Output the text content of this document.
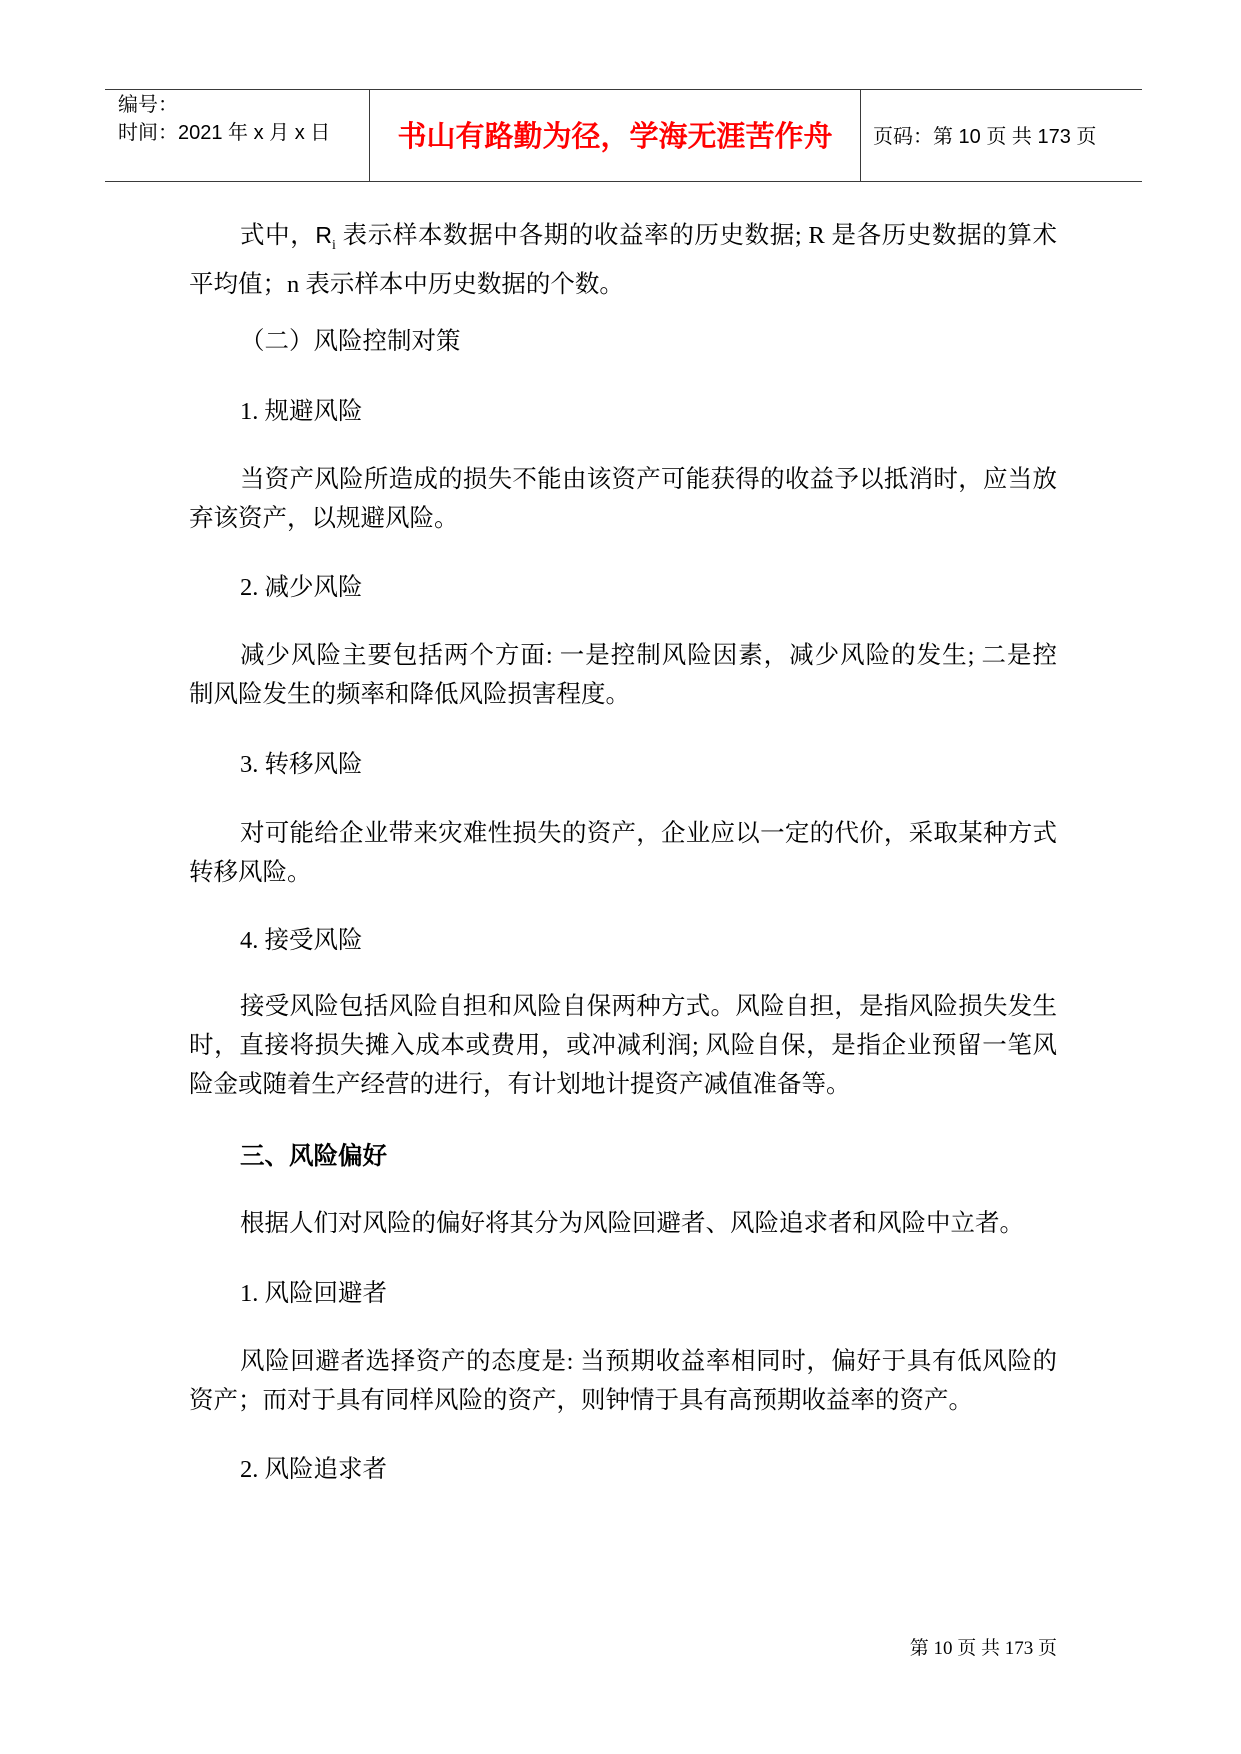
编号：
时间：2021 年 x 月 x 日	书山有路勤为径，学海无涯苦作舟	页码：第 10 页 共 173 页
式中，$R_i$ 表示样本数据中各期的收益率的历史数据; R 是各历史数据的算术
平均值；n 表示样本中历史数据的个数。
（二）风险控制对策
1. 规避风险
当资产风险所造成的损失不能由该资产可能获得的收益予以抵消时，应当放
弃该资产，以规避风险。
2. 减少风险
减少风险主要包括两个方面: 一是控制风险因素，减少风险的发生; 二是控
制风险发生的频率和降低风险损害程度。
3. 转移风险
对可能给企业带来灾难性损失的资产，企业应以一定的代价，采取某种方式
转移风险。
4. 接受风险
接受风险包括风险自担和风险自保两种方式。风险自担，是指风险损失发生
时，直接将损失摊入成本或费用，或冲减利润; 风险自保，是指企业预留一笔风
险金或随着生产经营的进行，有计划地计提资产减值准备等。
三、风险偏好
根据人们对风险的偏好将其分为风险回避者、风险追求者和风险中立者。
1. 风险回避者
风险回避者选择资产的态度是: 当预期收益率相同时，偏好于具有低风险的
资产；而对于具有同样风险的资产，则钟情于具有高预期收益率的资产。
2. 风险追求者
第 10 页 共 173 页
